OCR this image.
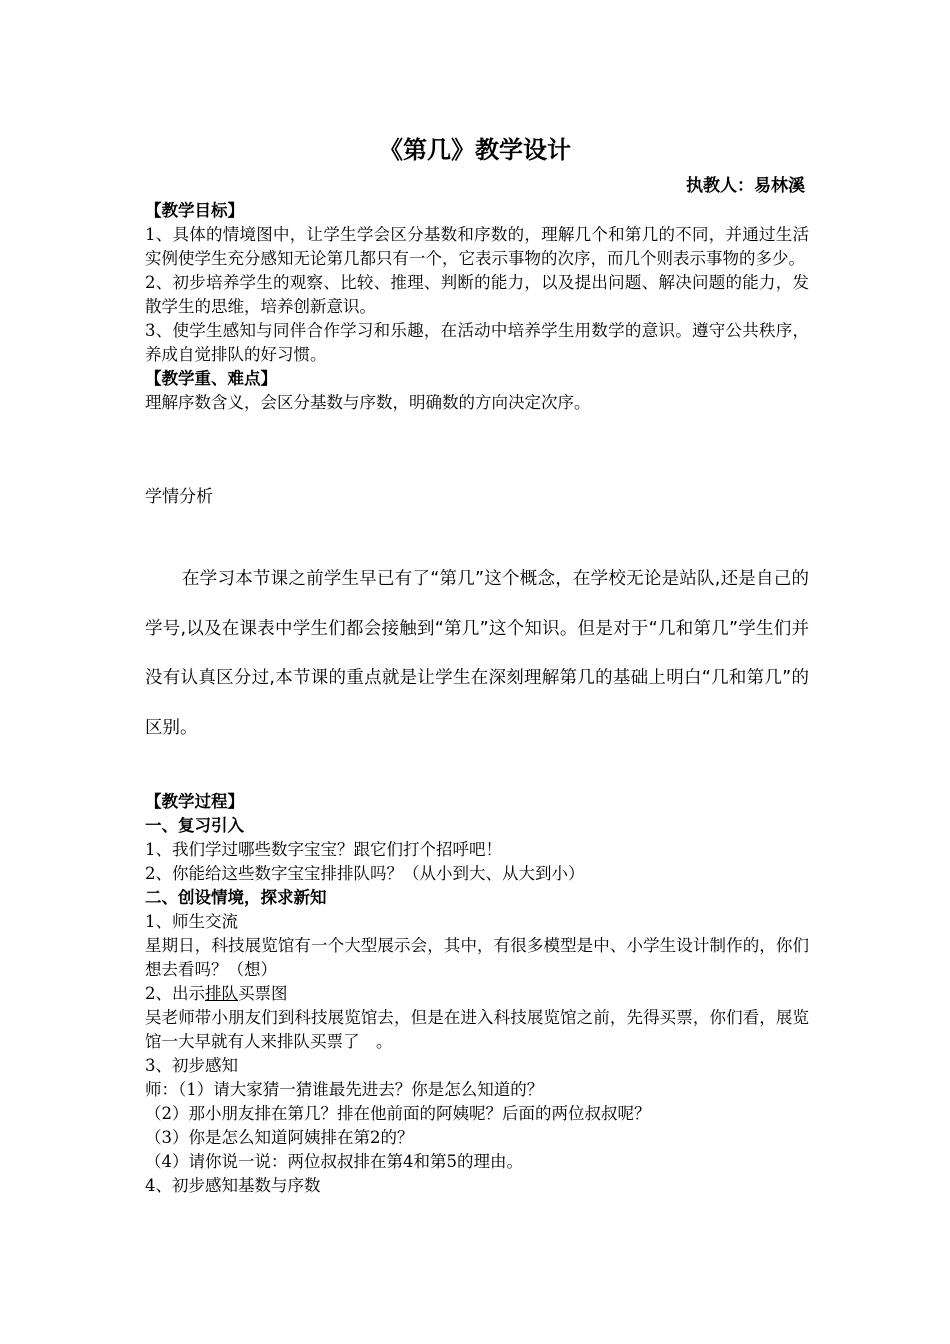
《第几》教学设计
执教人：易林溪

【教学目标】

1、具体的情境图中，让学生学会区分基数和序数的，理解几个和第几的不同，并通过生活实例使学生充分感知无论第几都只有一个，它表示事物的次序，而几个则表示事物的多少。

2、初步培养学生的观察、比较、推理、判断的能力，以及提出问题、解决问题的能力，发散学生的思维，培养创新意识。

3、使学生感知与同伴合作学习和乐趣，在活动中培养学生用数学的意识。遵守公共秩序，养成自觉排队的好习惯。

【教学重、难点】

理解序数含义，会区分基数与序数，明确数的方向决定次序。

学情分析

在学习本节课之前学生早已有了“第几”这个概念，在学校无论是站队,还是自己的学号,以及在课表中学生们都会接触到“第几”这个知识。但是对于“几和第几”学生们并没有认真区分过,本节课的重点就是让学生在深刻理解第几的基础上明白“几和第几”的区别。

【教学过程】

一、复习引入

1、我们学过哪些数字宝宝？跟它们打个招呼吧！

2、你能给这些数字宝宝排排队吗？（从小到大、从大到小）

二、创设情境，探求新知

1、师生交流

星期日，科技展览馆有一个大型展示会，其中，有很多模型是中、小学生设计制作的，你们想去看吗？（想）

2、出示排队买票图

吴老师带小朋友们到科技展览馆去，但是在进入科技展览馆之前，先得买票，你们看，展览馆一大早就有人来排队买票了　。

3、初步感知

师：（1）请大家猜一猜谁最先进去？你是怎么知道的？

（2）那小朋友排在第几？排在他前面的阿姨呢？后面的两位叔叔呢？

（3）你是怎么知道阿姨排在第2的？

（4）请你说一说：两位叔叔排在第4和第5的理由。

4、初步感知基数与序数
